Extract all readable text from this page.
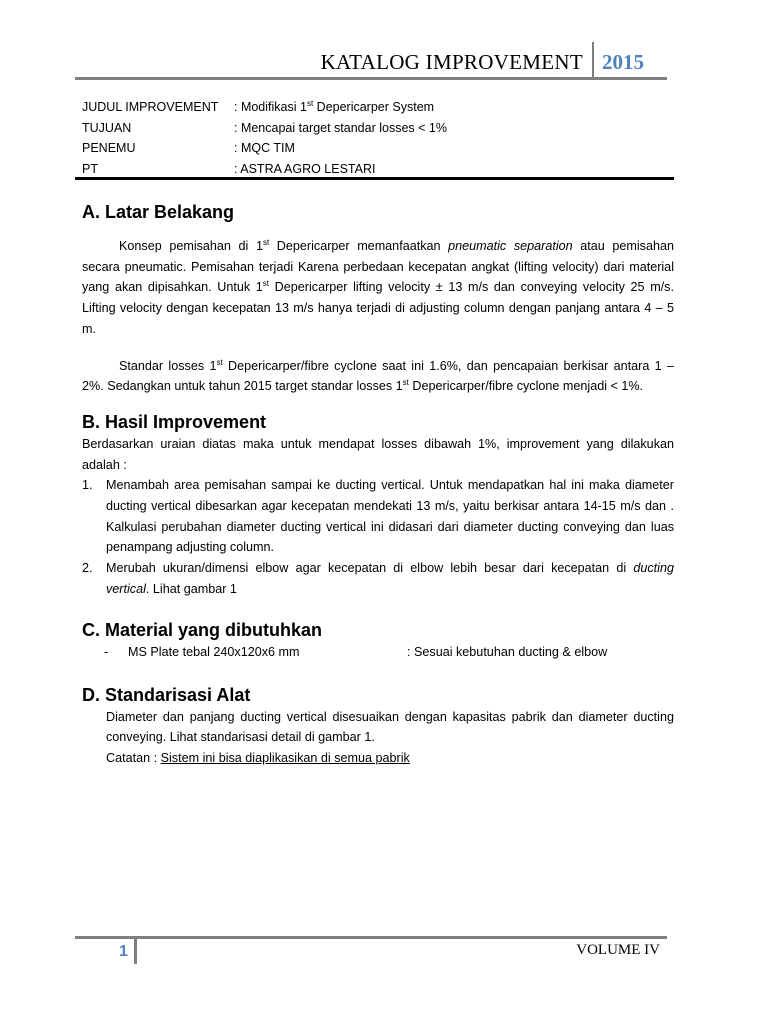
KATALOG IMPROVEMENT 2015
JUDUL IMPROVEMENT	: Modifikasi 1st Depericarper System
TUJUAN	: Mencapai target standar losses < 1%
PENEMU	: MQC TIM
PT	: ASTRA AGRO LESTARI
A. Latar Belakang

Konsep pemisahan di 1st Depericarper memanfaatkan pneumatic separation atau pemisahan secara pneumatic. Pemisahan terjadi Karena perbedaan kecepatan angkat (lifting velocity) dari material yang akan dipisahkan. Untuk 1st Depericarper lifting velocity ± 13 m/s dan conveying velocity 25 m/s. Lifting velocity dengan kecepatan 13 m/s hanya terjadi di adjusting column dengan panjang antara 4 – 5 m.

Standar losses 1st Depericarper/fibre cyclone saat ini 1.6%, dan pencapaian berkisar antara 1 – 2%. Sedangkan untuk tahun 2015 target standar losses 1st Depericarper/fibre cyclone menjadi < 1%.

B. Hasil Improvement

Berdasarkan uraian diatas maka untuk mendapat losses dibawah 1%, improvement yang dilakukan adalah :

1. Menambah area pemisahan sampai ke ducting vertical. Untuk mendapatkan hal ini maka diameter ducting vertical dibesarkan agar kecepatan mendekati 13 m/s, yaitu berkisar antara 14-15 m/s dan . Kalkulasi perubahan diameter ducting vertical ini didasari dari diameter ducting conveying dan luas penampang adjusting column.
2. Merubah ukuran/dimensi elbow agar kecepatan di elbow lebih besar dari kecepatan di ducting vertical. Lihat gambar 1
C. Material yang dibutuhkan
-	MS Plate tebal 240x120x6 mm	: Sesuai kebutuhan ducting & elbow
D. Standarisasi Alat

Diameter dan panjang ducting vertical disesuaikan dengan kapasitas pabrik dan diameter ducting conveying. Lihat standarisasi detail di gambar 1.

Catatan : Sistem ini bisa diaplikasikan di semua pabrik

1	VOLUME IV
